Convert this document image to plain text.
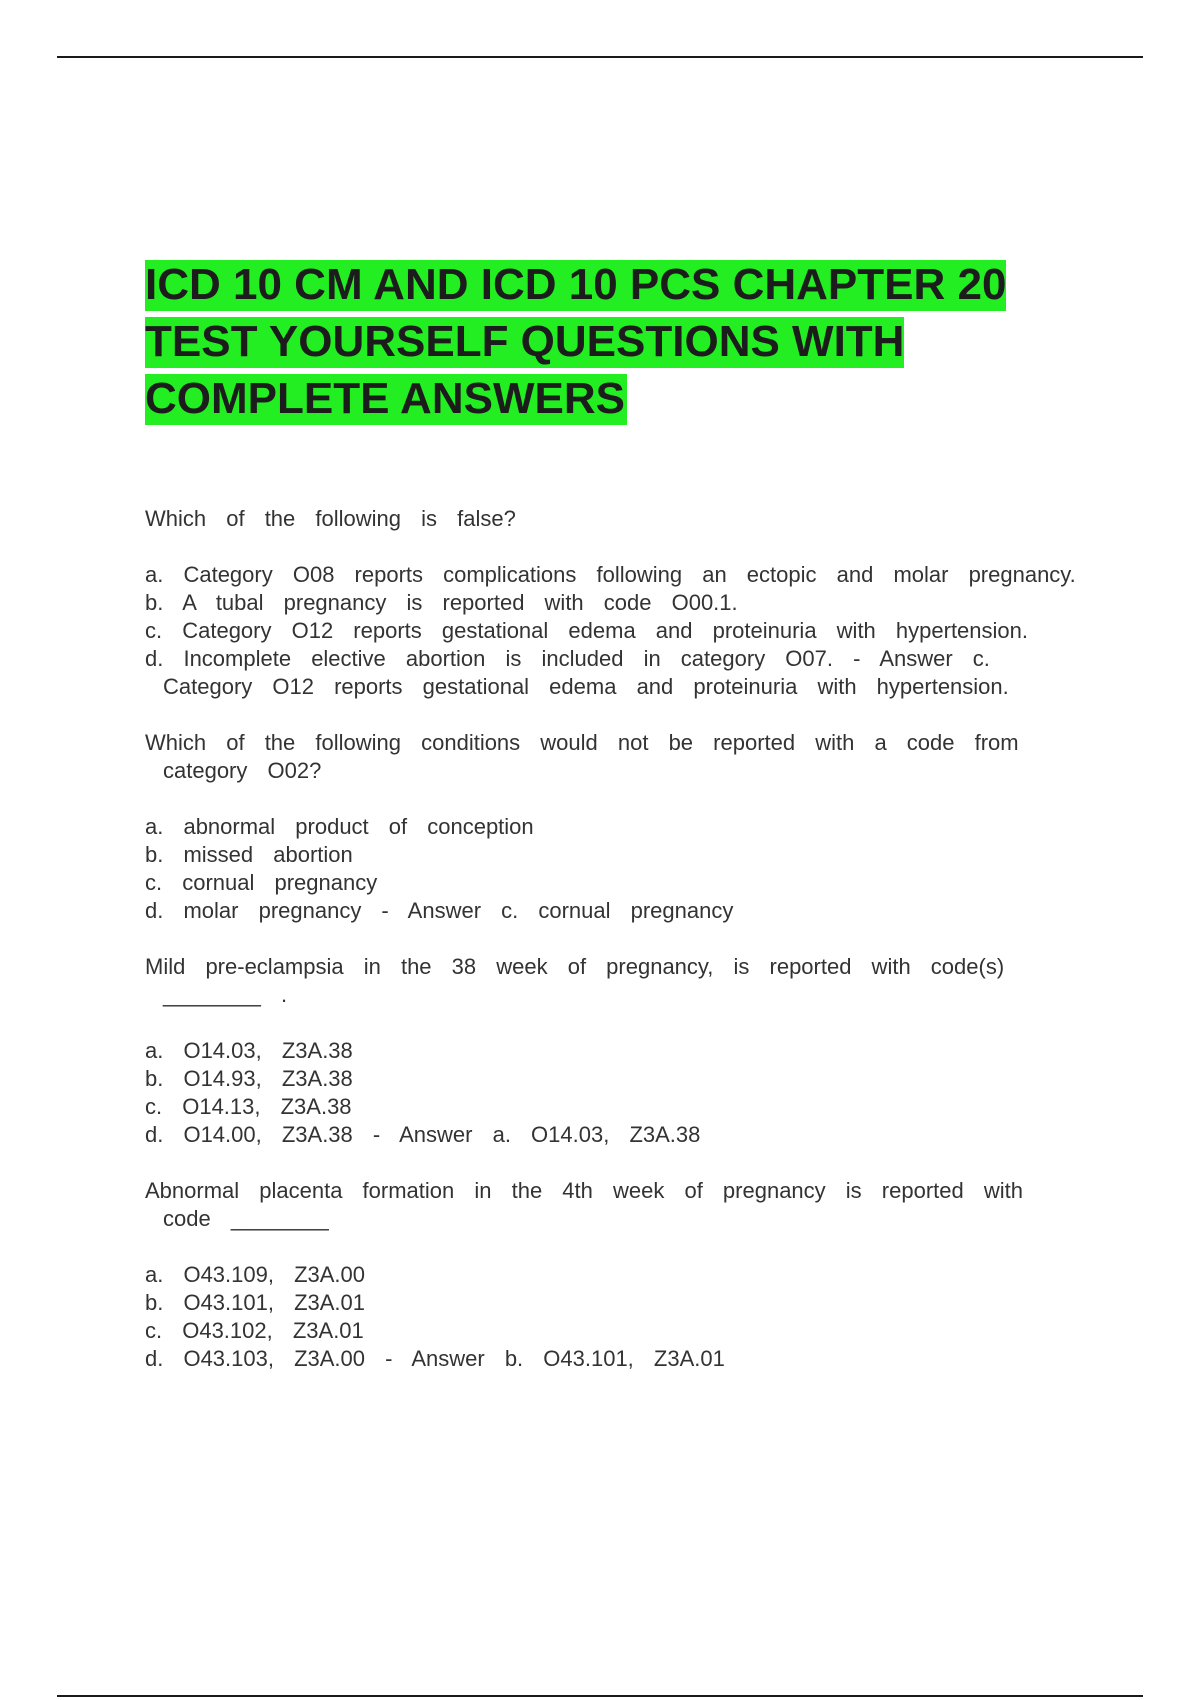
ICD 10 CM AND ICD 10 PCS CHAPTER 20 TEST YOURSELF QUESTIONS WITH COMPLETE ANSWERS

Which of the following is false?

a. Category O08 reports complications following an ectopic and molar pregnancy.
b. A tubal pregnancy is reported with code O00.1.
c. Category O12 reports gestational edema and proteinuria with hypertension.
d. Incomplete elective abortion is included in category O07. - Answer c. Category O12 reports gestational edema and proteinuria with hypertension.

Which of the following conditions would not be reported with a code from category O02?

a. abnormal product of conception
b. missed abortion
c. cornual pregnancy
d. molar pregnancy - Answer c. cornual pregnancy

Mild pre-eclampsia in the 38 week of pregnancy, is reported with code(s) ________ .

a. O14.03, Z3A.38
b. O14.93, Z3A.38
c. O14.13, Z3A.38
d. O14.00, Z3A.38 - Answer a. O14.03, Z3A.38

Abnormal placenta formation in the 4th week of pregnancy is reported with code ________

a. O43.109, Z3A.00
b. O43.101, Z3A.01
c. O43.102, Z3A.01
d. O43.103, Z3A.00 - Answer b. O43.101, Z3A.01
